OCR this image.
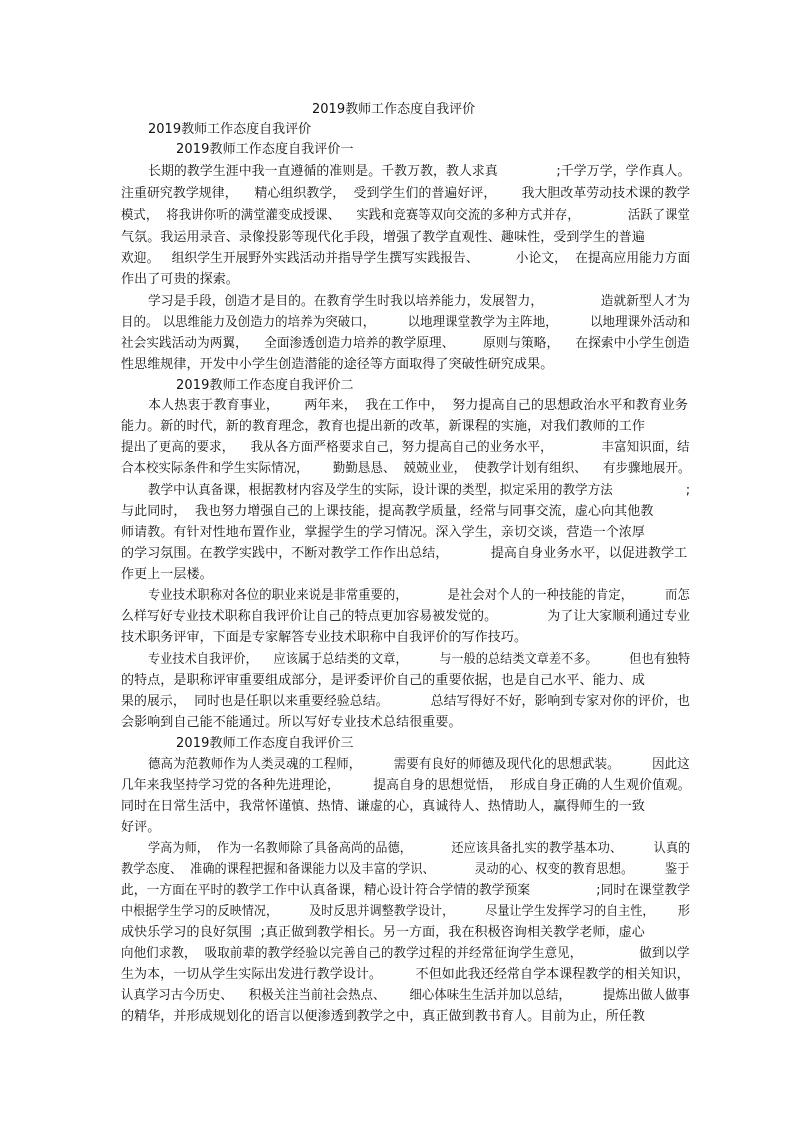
2019教师工作态度自我评价
2019教师工作态度自我评价
2019教师工作态度自我评价一
长期的教学生涯中我一直遵循的准则是。千教万教，教人求真              ;千学万学，学作真人。
注重研究教学规律，    精心组织教学，  受到学生们的普遍好评，      我大胆改革劳动技术课的教学
模式，  将我讲你听的满堂灌变成授课、    实践和竞赛等双向交流的多种方式并存，            活跃了课堂
气氛。我运用录音、录像投影等现代化手段，增强了教学直观性、趣味性，受到学生的普遍
欢迎。   组织学生开展野外实践活动并指导学生撰写实践报告、         小论文，  在提高应用能力方面
作出了可贵的探索。
学习是手段，创造才是目的。在教育学生时我以培养能力，发展智力，              造就新型人才为
目的。 以思维能力及创造力的培养为突破口，        以地理课堂教学为主阵地，        以地理课外活动和
社会实践活动为两翼，    全面渗透创造力培养的教学原理、       原则与策略，    在探索中小学生创造
性思维规律，开发中小学生创造潜能的途径等方面取得了突破性研究成果。
2019教师工作态度自我评价二
本人热衷于教育事业，      两年来，  我在工作中，  努力提高自己的思想政治水平和教育业务
能力。新的时代，新的教育理念，教育也提出新的改革，新课程的实施，对我们教师的工作
提出了更高的要求，    我从各方面严格要求自己，努力提高自己的业务水平，            丰富知识面，结
合本校实际条件和学生实际情况，      勤勤恳恳、  兢兢业业，  使教学计划有组织、    有步骤地展开。
教学中认真备课，根据教材内容及学生的实际，设计课的类型，拟定采用的教学方法                  ;
与此同时，  我也努力增强自己的上课技能，提高教学质量，经常与同事交流，虚心向其他教
师请教。有针对性地布置作业，掌握学生的学习情况。深入学生，亲切交谈，营造一个浓厚
的学习氛围。在教学实践中，不断对教学工作作出总结，          提高自身业务水平，以促进教学工
作更上一层楼。
专业技术职称对各位的职业来说是非常重要的，          是社会对个人的一种技能的肯定，        而怎
么样写好专业技术职称自我评价让自己的特点更加容易被发觉的。            为了让大家顺利通过专业
技术职务评审，下面是专家解答专业技术职称中自我评价的写作技巧。
专业技术自我评价，    应该属于总结类的文章，        与一般的总结类文章差不多。        但也有独特
的特点，是职称评审重要组成部分，是评委评价自己的重要依据，也是自己水平、能力、成
果的展示，  同时也是任职以来重要经验总结。          总结写得好不好，影响到专家对你的评价，也
会影响到自己能不能通过。所以写好专业技术总结很重要。
2019教师工作态度自我评价三
德高为范教师作为人类灵魂的工程师，        需要有良好的师德及现代化的思想武装。        因此这
几年来我坚持学习党的各种先进理论，        提高自身的思想觉悟，  形成自身正确的人生观价值观。
同时在日常生活中，我常怀谨慎、热情、谦虚的心，真诚待人、热情助人，赢得师生的一致
好评。
学高为师，  作为一名教师除了具备高尚的品德，          还应该具备扎实的教学基本功、        认真的
教学态度、  准确的课程把握和备课能力以及丰富的学识、          灵动的心、权变的教育思想。        鉴于
此，一方面在平时的教学工作中认真备课，精心设计符合学情的教学预案                ;同时在课堂教学
中根据学生学习的反映情况，        及时反思并调整教学设计，        尽量让学生发挥学习的自主性，      形
成快乐学习的良好氛围  ;真正做到教学相长。另一方面，我在积极咨询相关教学老师，虚心
向他们求教，  吸取前辈的教学经验以完善自己的教学过程的并经常征询学生意见，              做到以学
生为本，一切从学生实际出发进行教学设计。        不但如此我还经常自学本课程教学的相关知识，
认真学习古今历史、    积极关注当前社会热点、      细心体味生生活并加以总结，        提炼出做人做事
的精华，并形成规划化的语言以便渗透到教学之中，真正做到教书育人。目前为止，所任教
